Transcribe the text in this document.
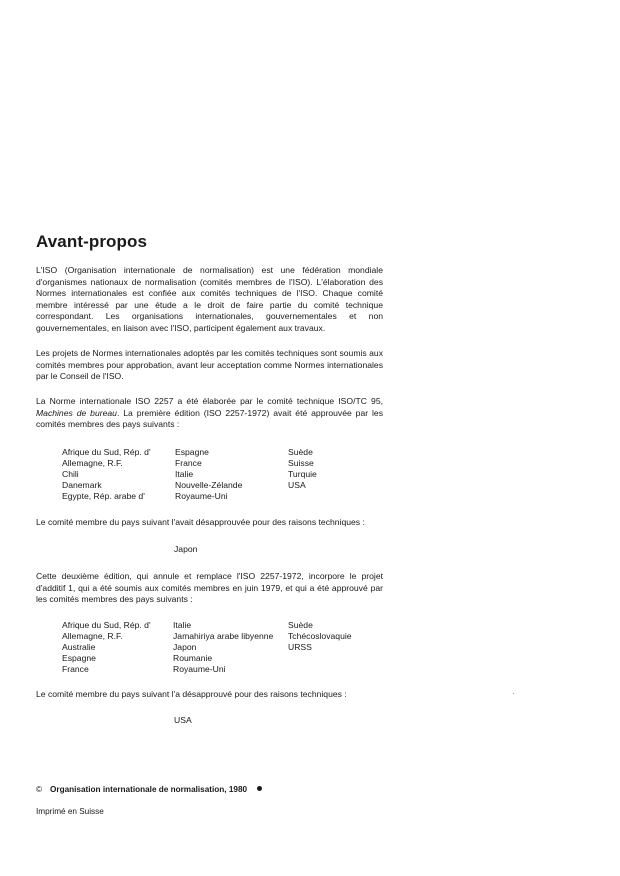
Avant-propos

L'ISO (Organisation internationale de normalisation) est une fédération mondiale d'organismes nationaux de normalisation (comités membres de l'ISO). L'élaboration des Normes internationales est confiée aux comités techniques de l'ISO. Chaque comité membre intéressé par une étude a le droit de faire partie du comité technique correspondant. Les organisations internationales, gouvernementales et non gouvernementales, en liaison avec l'ISO, participent également aux travaux.

Les projets de Normes internationales adoptés par les comités techniques sont soumis aux comités membres pour approbation, avant leur acceptation comme Normes internationales par le Conseil de l'ISO.

La Norme internationale ISO 2257 a été élaborée par le comité technique ISO/TC 95, Machines de bureau. La première édition (ISO 2257-1972) avait été approuvée par les comités membres des pays suivants :

Afrique du Sud, Rép. d'
Allemagne, R.F.
Chili
Danemark
Egypte, Rép. arabe d'
Espagne
France
Italie
Nouvelle-Zélande
Royaume-Uni
Suède
Suisse
Turquie
USA

Le comité membre du pays suivant l'avait désapprouvée pour des raisons techniques :

Japon

Cette deuxième édition, qui annule et remplace l'ISO 2257-1972, incorpore le projet d'additif 1, qui a été soumis aux comités membres en juin 1979, et qui a été approuvé par les comités membres des pays suivants :

Afrique du Sud, Rép. d'
Allemagne, R.F.
Australie
Espagne
France
Italie
Jamahiriya arabe libyenne
Japon
Roumanie
Royaume-Uni
Suède
Tchécoslovaquie
URSS

Le comité membre du pays suivant l'a désapprouvé pour des raisons techniques :

USA
© Organisation internationale de normalisation, 1980
Imprimé en Suisse
